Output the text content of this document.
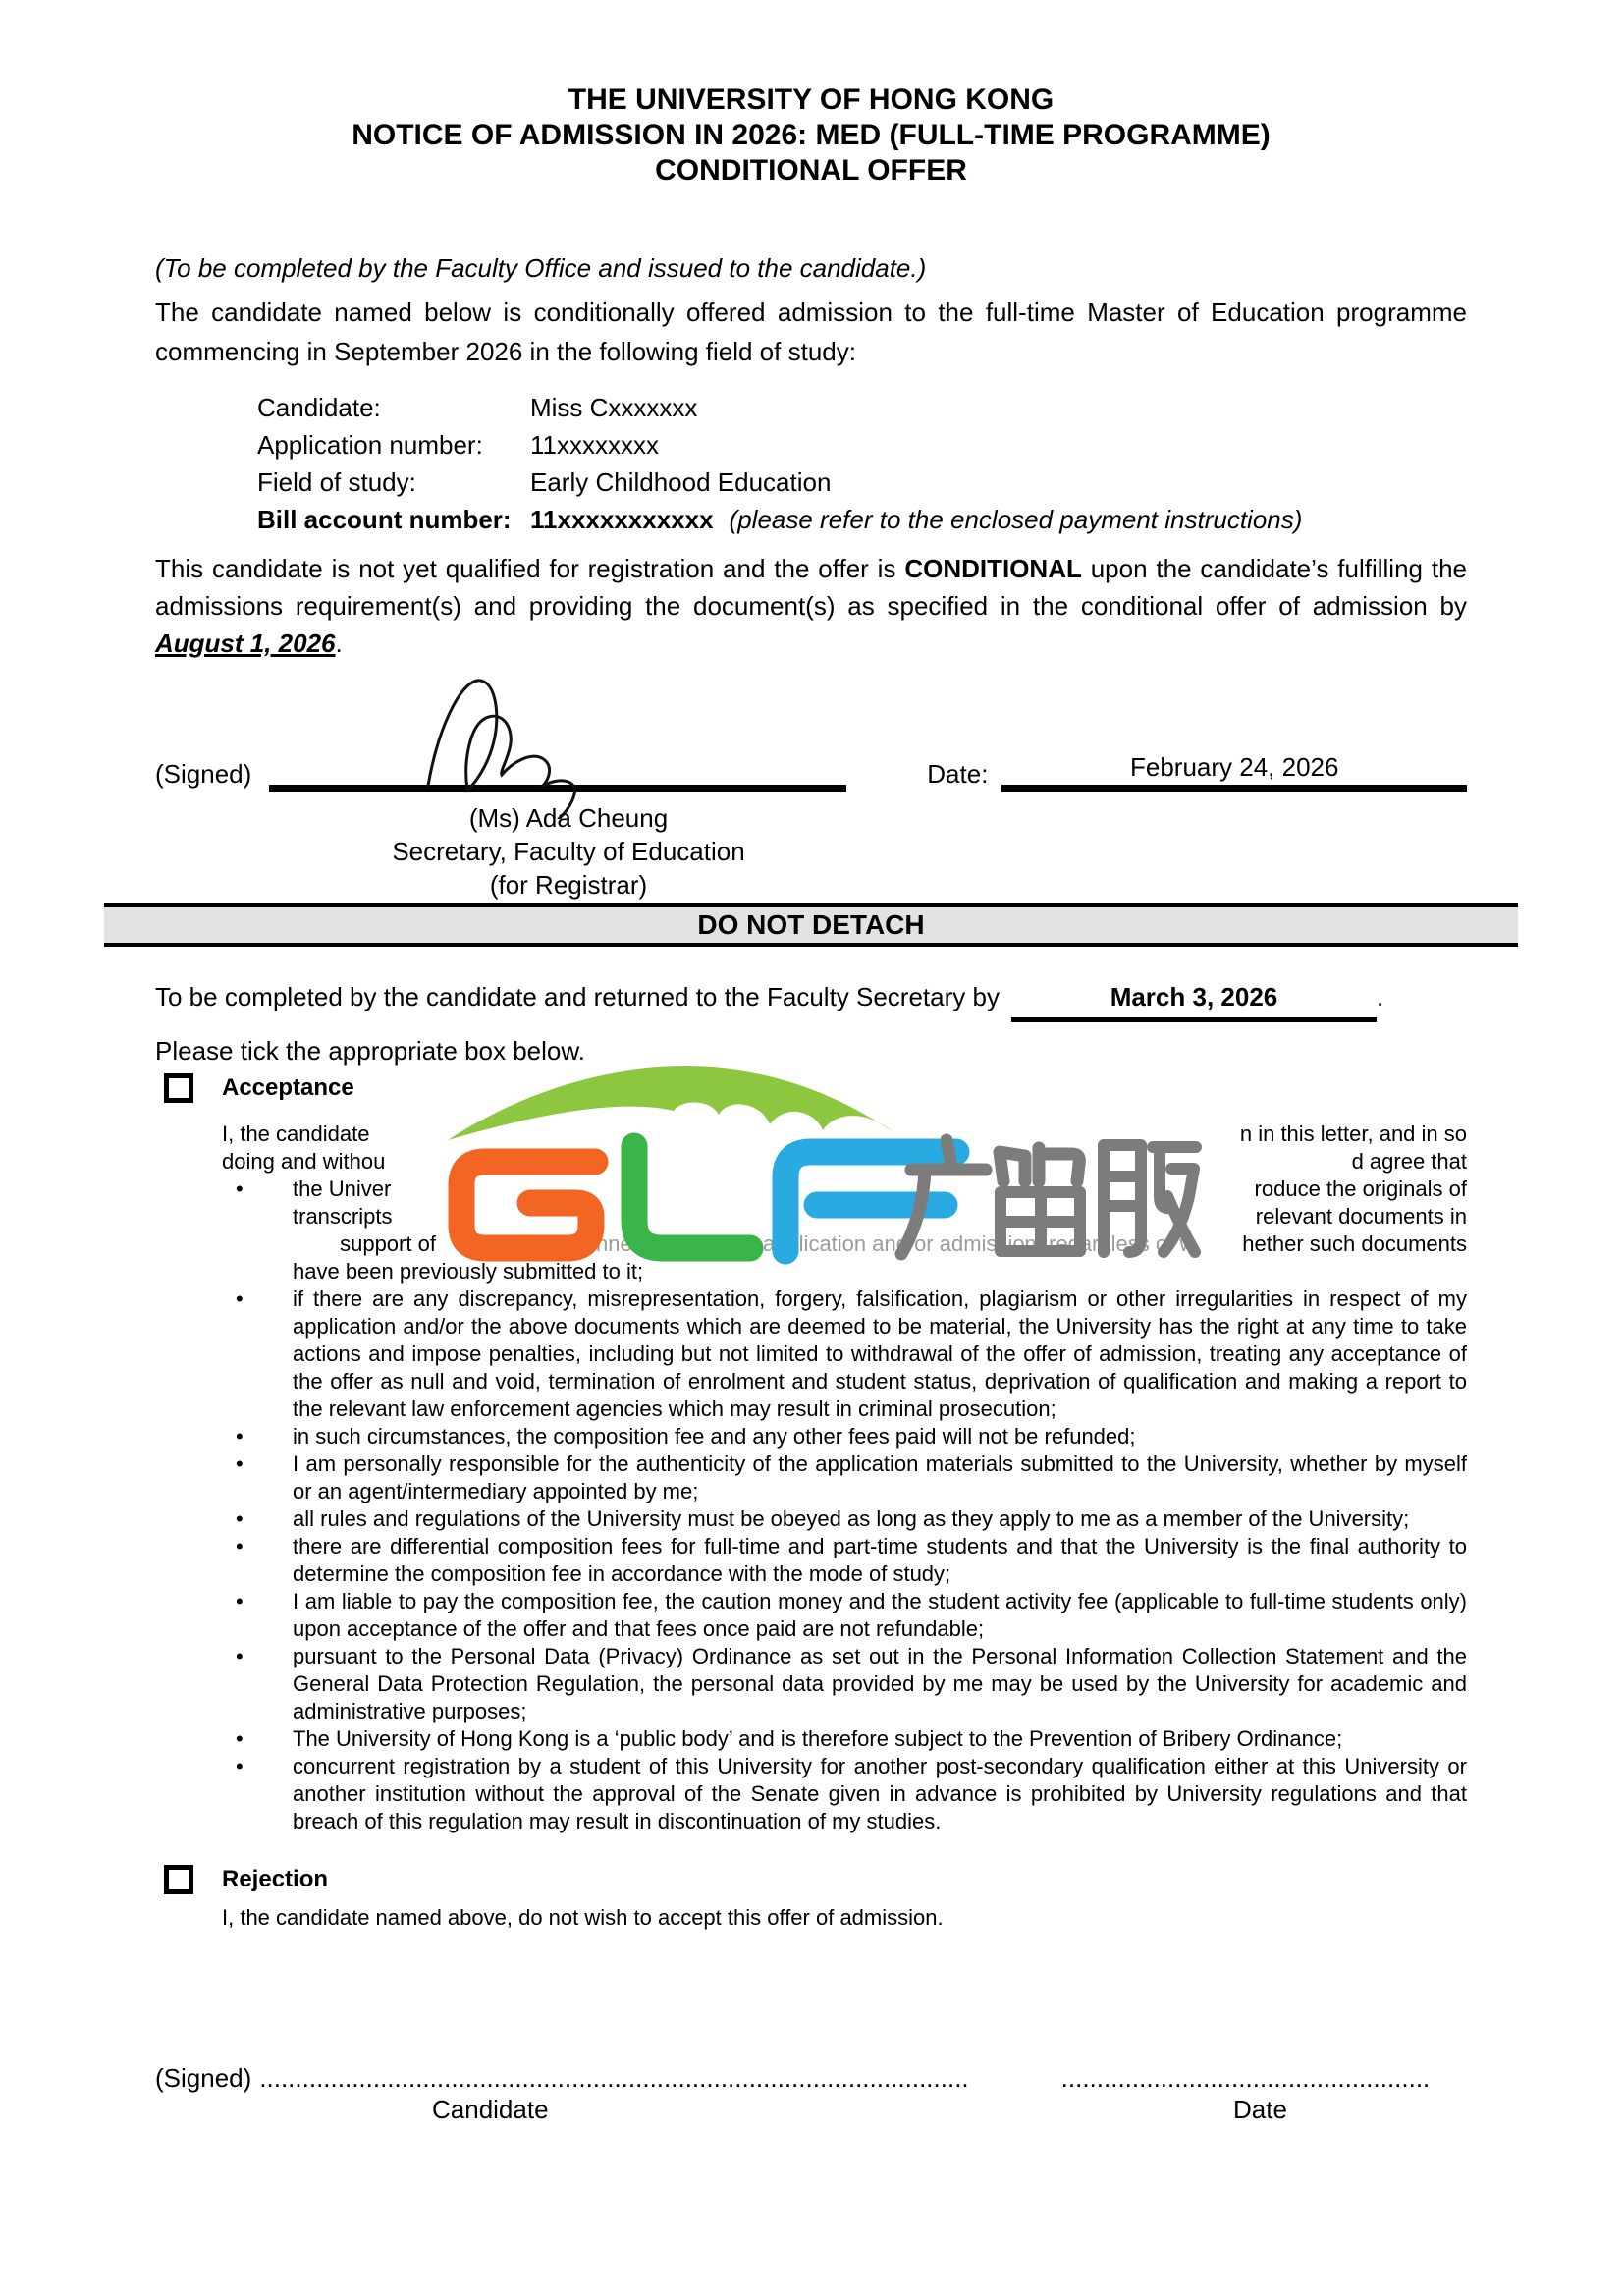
THE UNIVERSITY OF HONG KONG
NOTICE OF ADMISSION IN 2026: MED (FULL-TIME PROGRAMME)
CONDITIONAL OFFER
(To be completed by the Faculty Office and issued to the candidate.)
The candidate named below is conditionally offered admission to the full-time Master of Education programme commencing in September 2026 in the following field of study:
Candidate:	Miss Cxxxxxxx
Application number:	11xxxxxxxx
Field of study:	Early Childhood Education
Bill account number: 11xxxxxxxxxxx (please refer to the enclosed payment instructions)
This candidate is not yet qualified for registration and the offer is CONDITIONAL upon the candidate’s fulfilling the admissions requirement(s) and providing the document(s) as specified in the conditional offer of admission by August 1, 2026.
(Signed)	Date:	February 24, 2026
(Ms) Ada Cheung
Secretary, Faculty of Education
(for Registrar)
DO NOT DETACH
To be completed by the candidate and returned to the Faculty Secretary by	March 3, 2026	.
Please tick the appropriate box below.
Acceptance
I, the candidate	n in this letter, and in so
doing and withou	d agree that
•	the Univer	roduce the originals of
transcripts	relevant documents in
support of and/or in connection with my application and/or admission, regardless of w hether such documents
have been previously submitted to it;
•	if there are any discrepancy, misrepresentation, forgery, falsification, plagiarism or other irregularities in respect of my application and/or the above documents which are deemed to be material, the University has the right at any time to take actions and impose penalties, including but not limited to withdrawal of the offer of admission, treating any acceptance of the offer as null and void, termination of enrolment and student status, deprivation of qualification and making a report to the relevant law enforcement agencies which may result in criminal prosecution;
•	in such circumstances, the composition fee and any other fees paid will not be refunded;
•	I am personally responsible for the authenticity of the application materials submitted to the University, whether by myself or an agent/intermediary appointed by me;
•	all rules and regulations of the University must be obeyed as long as they apply to me as a member of the University;
•	there are differential composition fees for full-time and part-time students and that the University is the final authority to determine the composition fee in accordance with the mode of study;
•	I am liable to pay the composition fee, the caution money and the student activity fee (applicable to full-time students only) upon acceptance of the offer and that fees once paid are not refundable;
•	pursuant to the Personal Data (Privacy) Ordinance as set out in the Personal Information Collection Statement and the General Data Protection Regulation, the personal data provided by me may be used by the University for academic and administrative purposes;
•	The University of Hong Kong is a ‘public body’ and is therefore subject to the Prevention of Bribery Ordinance;
•	concurrent registration by a student of this University for another post-secondary qualification either at this University or another institution without the approval of the Senate given in advance is prohibited by University regulations and that breach of this regulation may result in discontinuation of my studies.
Rejection
I, the candidate named above, do not wish to accept this offer of admission.
(Signed) ....................................................................................................	....................................................
Candidate	Date
